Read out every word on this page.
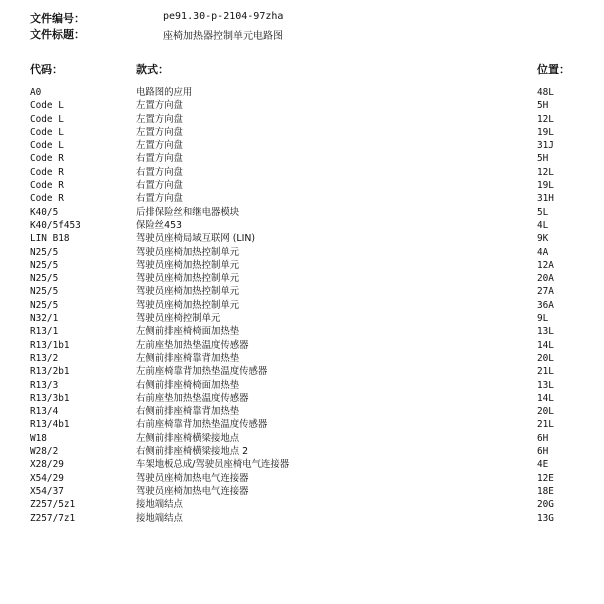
文件编号：	pe91.30-p-2104-97zha
文件标题：	座椅加热器控制单元电路图
代码：	款式：	位置：
A0	电路图的应用	48L
Code L	左置方向盘	5H
Code L	左置方向盘	12L
Code L	左置方向盘	19L
Code L	左置方向盘	31J
Code R	右置方向盘	5H
Code R	右置方向盘	12L
Code R	右置方向盘	19L
Code R	右置方向盘	31H
K40/5	后排保险丝和继电器模块	5L
K40/5f453	保险丝453	4L
LIN B18	驾驶员座椅局域互联网 (LIN)	9K
N25/5	驾驶员座椅加热控制单元	4A
N25/5	驾驶员座椅加热控制单元	12A
N25/5	驾驶员座椅加热控制单元	20A
N25/5	驾驶员座椅加热控制单元	27A
N25/5	驾驶员座椅加热控制单元	36A
N32/1	驾驶员座椅控制单元	9L
R13/1	左侧前排座椅椅面加热垫	13L
R13/1b1	左前座垫加热垫温度传感器	14L
R13/2	左侧前排座椅靠背加热垫	20L
R13/2b1	左前座椅靠背加热垫温度传感器	21L
R13/3	右侧前排座椅椅面加热垫	13L
R13/3b1	右前座垫加热垫温度传感器	14L
R13/4	右侧前排座椅靠背加热垫	20L
R13/4b1	右前座椅靠背加热垫温度传感器	21L
W18	左侧前排座椅横梁接地点	6H
W28/2	右侧前排座椅横梁接地点 2	6H
X28/29	车架地板总成/驾驶员座椅电气连接器	4E
X54/29	驾驶员座椅加热电气连接器	12E
X54/37	驾驶员座椅加热电气连接器	18E
Z257/5z1	接地端结点	20G
Z257/7z1	接地端结点	13G
